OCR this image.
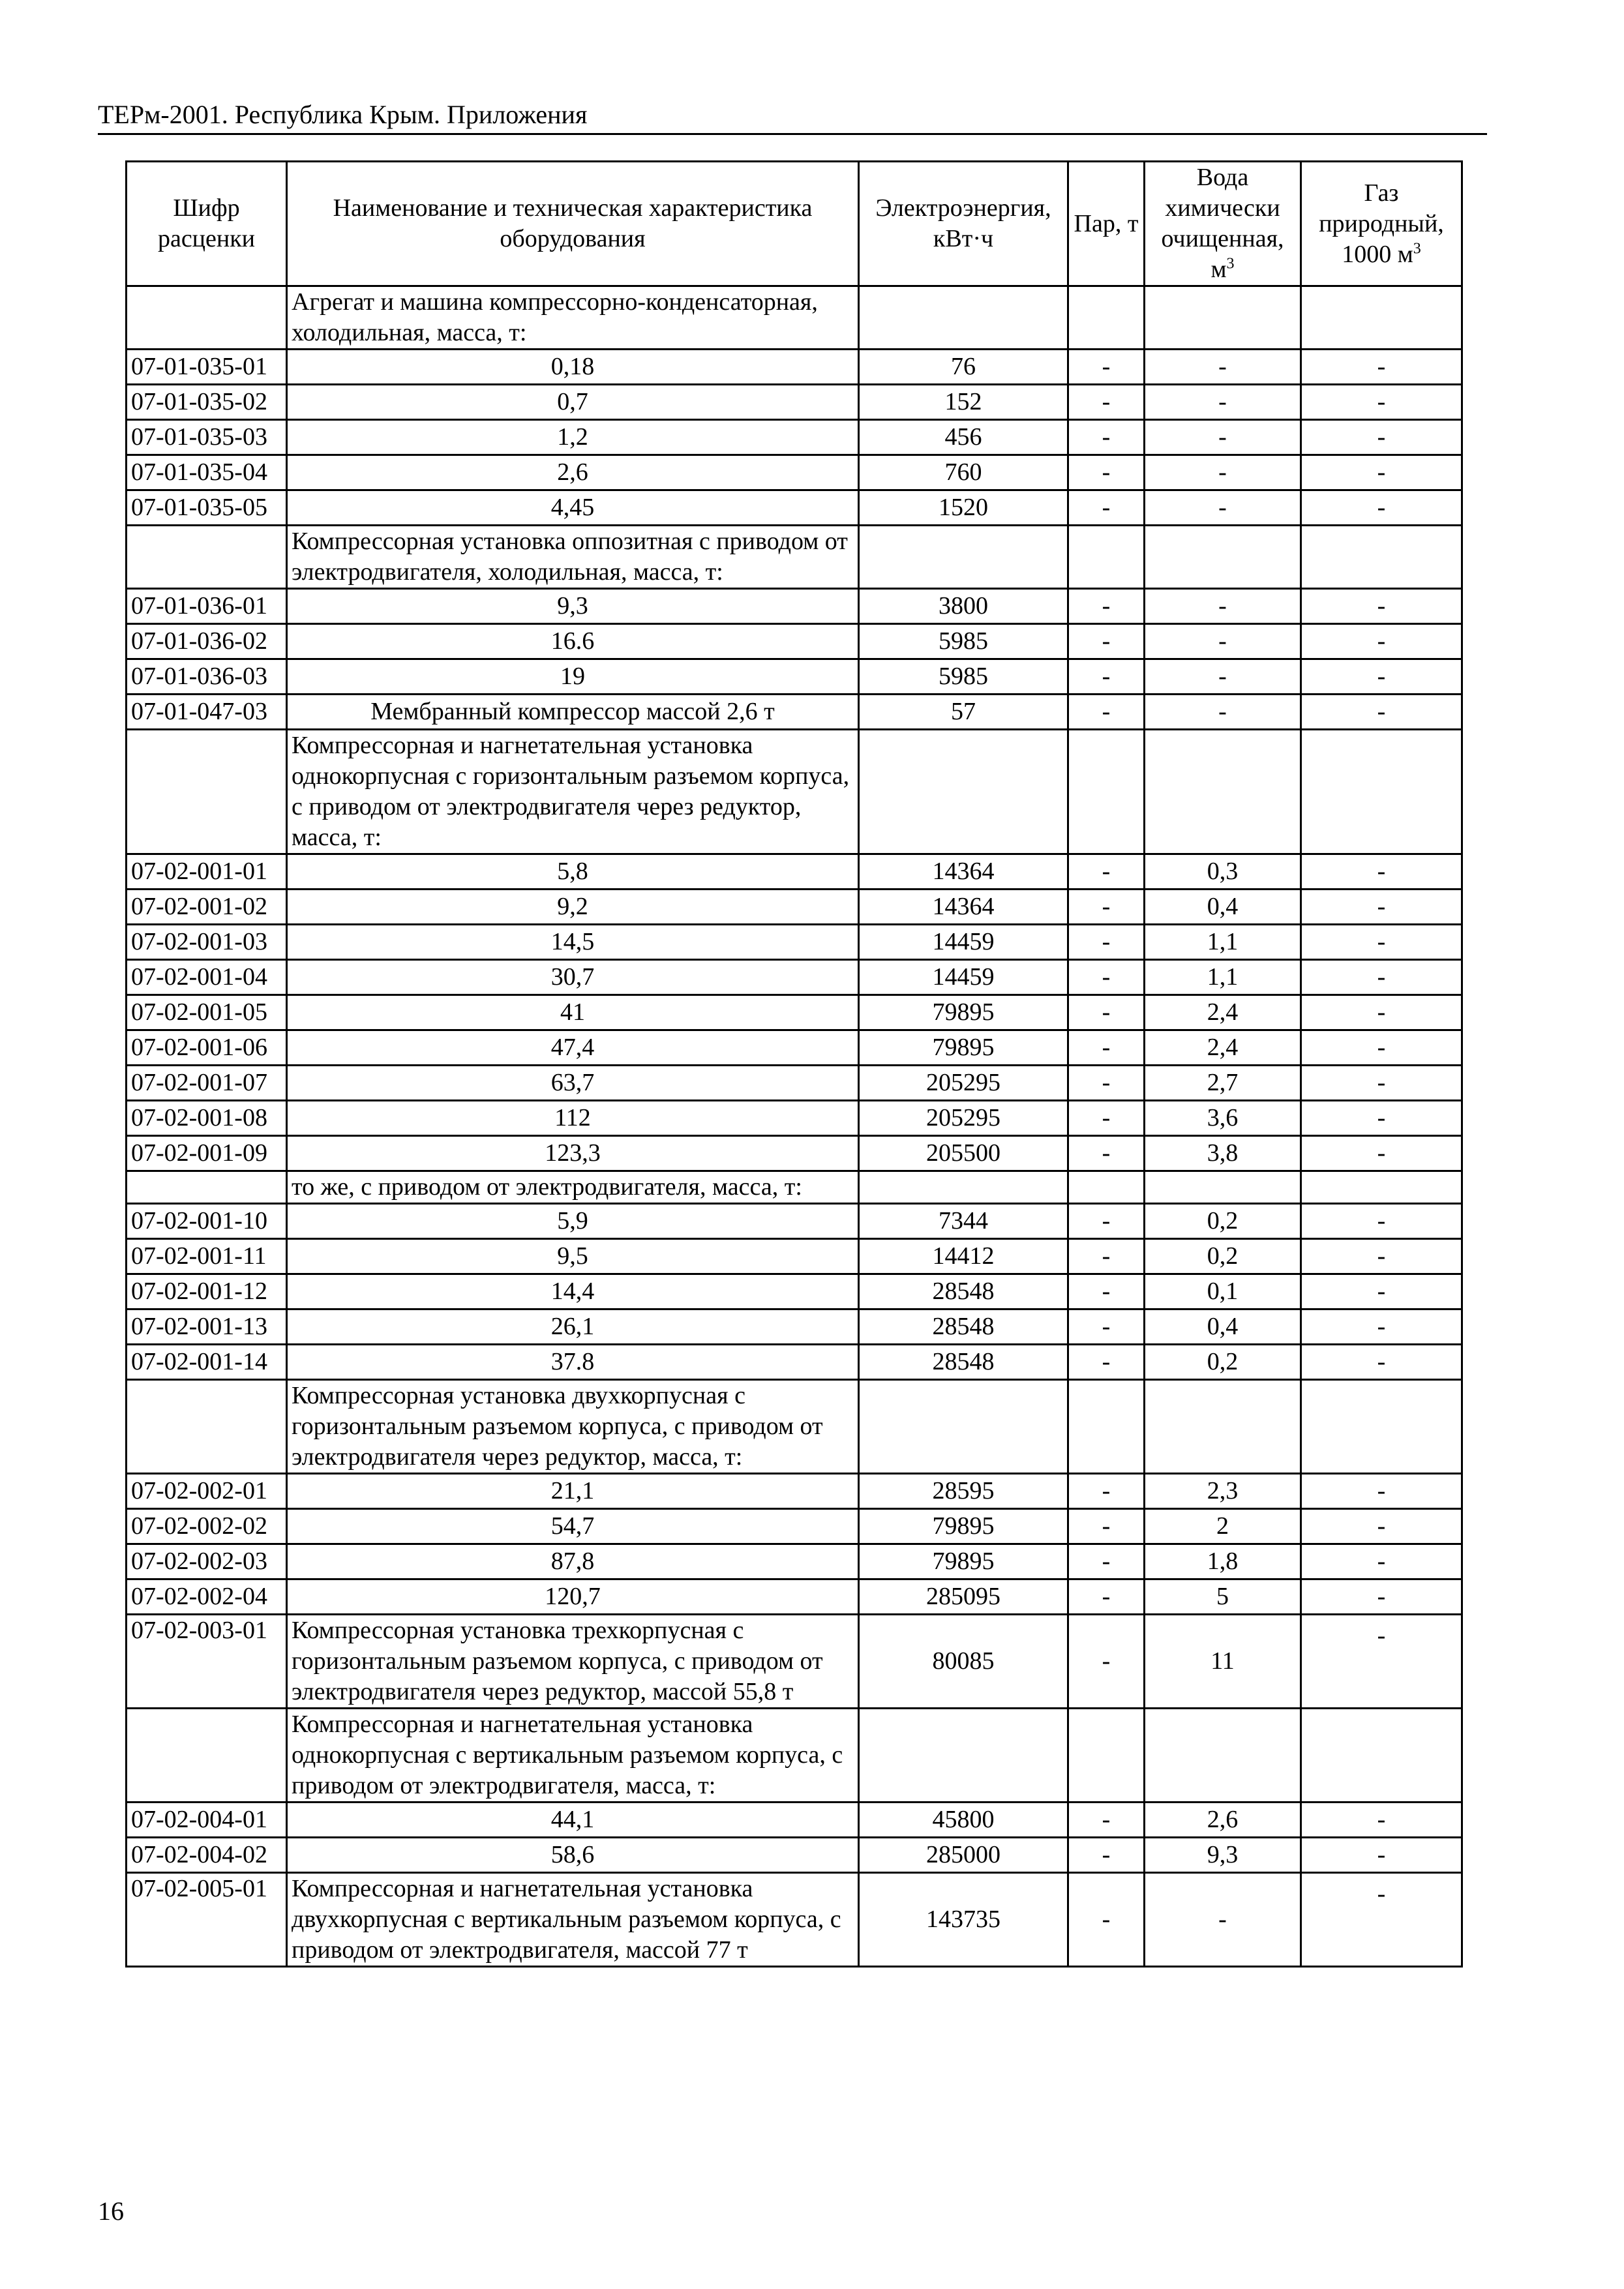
ТЕРм-2001. Республика Крым. Приложения
Шифр расценки	Наименование и техническая характеристика оборудования	Электроэнергия, кВт·ч	Пар, т	Вода химически очищенная, $м^3$	Газ природный, 1000 $м^3$
	Агрегат и машина компрессорно-конденсаторная, холодильная, масса, т:				
07-01-035-01	0,18	76	-	-	-
07-01-035-02	0,7	152	-	-	-
07-01-035-03	1,2	456	-	-	-
07-01-035-04	2,6	760	-	-	-
07-01-035-05	4,45	1520	-	-	-
	Компрессорная установка оппозитная с приводом от электродвигателя, холодильная, масса, т:				
07-01-036-01	9,3	3800	-	-	-
07-01-036-02	16.6	5985	-	-	-
07-01-036-03	19	5985	-	-	-
07-01-047-03	Мембранный компрессор массой 2,6 т	57	-	-	-
	Компрессорная и нагнетательная установка однокорпусная с горизонтальным разъемом корпуса, с приводом от электродвигателя через редуктор, масса, т:				
07-02-001-01	5,8	14364	-	0,3	-
07-02-001-02	9,2	14364	-	0,4	-
07-02-001-03	14,5	14459	-	1,1	-
07-02-001-04	30,7	14459	-	1,1	-
07-02-001-05	41	79895	-	2,4	-
07-02-001-06	47,4	79895	-	2,4	-
07-02-001-07	63,7	205295	-	2,7	-
07-02-001-08	112	205295	-	3,6	-
07-02-001-09	123,3	205500	-	3,8	-
	то же, с приводом от электродвигателя, масса, т:				
07-02-001-10	5,9	7344	-	0,2	-
07-02-001-11	9,5	14412	-	0,2	-
07-02-001-12	14,4	28548	-	0,1	-
07-02-001-13	26,1	28548	-	0,4	-
07-02-001-14	37.8	28548	-	0,2	-
	Компрессорная установка двухкорпусная с горизонтальным разъемом корпуса, с приводом от электродвигателя через редуктор, масса, т:				
07-02-002-01	21,1	28595	-	2,3	-
07-02-002-02	54,7	79895	-	2	-
07-02-002-03	87,8	79895	-	1,8	-
07-02-002-04	120,7	285095	-	5	-
07-02-003-01	Компрессорная установка трехкорпусная с горизонтальным разъемом корпуса, с приводом от электродвигателя через редуктор, массой 55,8 т	80085	-	11	-
	Компрессорная и нагнетательная установка однокорпусная с вертикальным разъемом корпуса, с приводом от электродвигателя, масса, т:				
07-02-004-01	44,1	45800	-	2,6	-
07-02-004-02	58,6	285000	-	9,3	-
07-02-005-01	Компрессорная и нагнетательная установка двухкорпусная с вертикальным разъемом корпуса, с приводом от электродвигателя, массой 77 т	143735	-	-	-
16
